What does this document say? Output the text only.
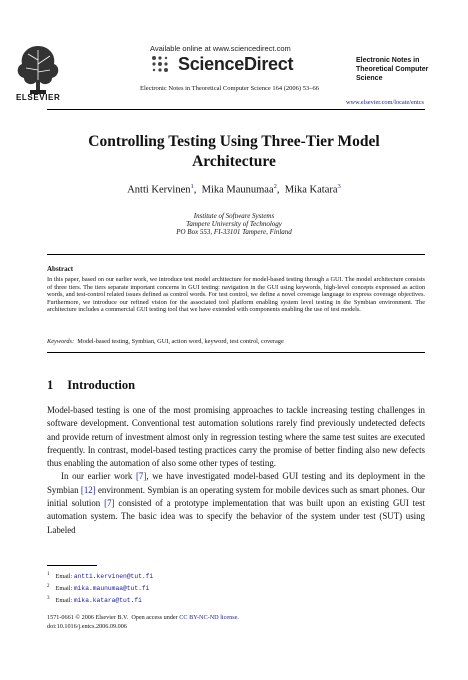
ELSEVIER
Available online at www.sciencedirect.com
ScienceDirect
Electronic Notes in Theoretical Computer Science 164 (2006) 53–66
Electronic Notes in
Theoretical Computer
Science
www.elsevier.com/locate/entcs
Controlling Testing Using Three-Tier Model
Architecture
Antti Kervinen$^1$,  Mika Maunumaa$^2$,  Mika Katara$^3$
Institute of Software Systems
Tampere University of Technology
PO Box 553, FI-33101 Tampere, Finland
Abstract
In this paper, based on our earlier work, we introduce test model architecture for model-based testing through a GUI. The model architecture consists of three tiers. The tiers separate important concerns in GUI testing: navigation in the GUI using keywords, high-level concepts expressed as action words, and test-control related issues defined as control words. For test control, we define a novel coverage language to express coverage objectives. Furthermore, we introduce our refined vision for the associated tool platform enabling system level testing in the Symbian environment. The architecture includes a commercial GUI testing tool that we have extended with components enabling the use of test models.
Keywords: Model-based testing, Symbian, GUI, action word, keyword, test control, coverage
1 Introduction

Model-based testing is one of the most promising approaches to tackle increasing testing challenges in software development. Conventional test automation solutions rarely find previously undetected defects and provide return of investment almost only in regression testing where the same test suites are executed frequently. In contrast, model-based testing practices carry the promise of better finding also new defects thus enabling the automation of also some other types of testing.

In our earlier work [7], we have investigated model-based GUI testing and its deployment in the Symbian [12] environment. Symbian is an operating system for mobile devices such as smart phones. Our initial solution [7] consisted of a prototype implementation that was built upon an existing GUI test automation system. The basic idea was to specify the behavior of the system under test (SUT) using Labeled

$^1$ Email: antti.kervinen@tut.fi
$^2$ Email: mika.maunumaa@tut.fi
$^3$ Email: mika.katara@tut.fi
1571-0661 © 2006 Elsevier B.V. Open access under CC BY-NC-ND license.
doi:10.1016/j.entcs.2006.09.006
